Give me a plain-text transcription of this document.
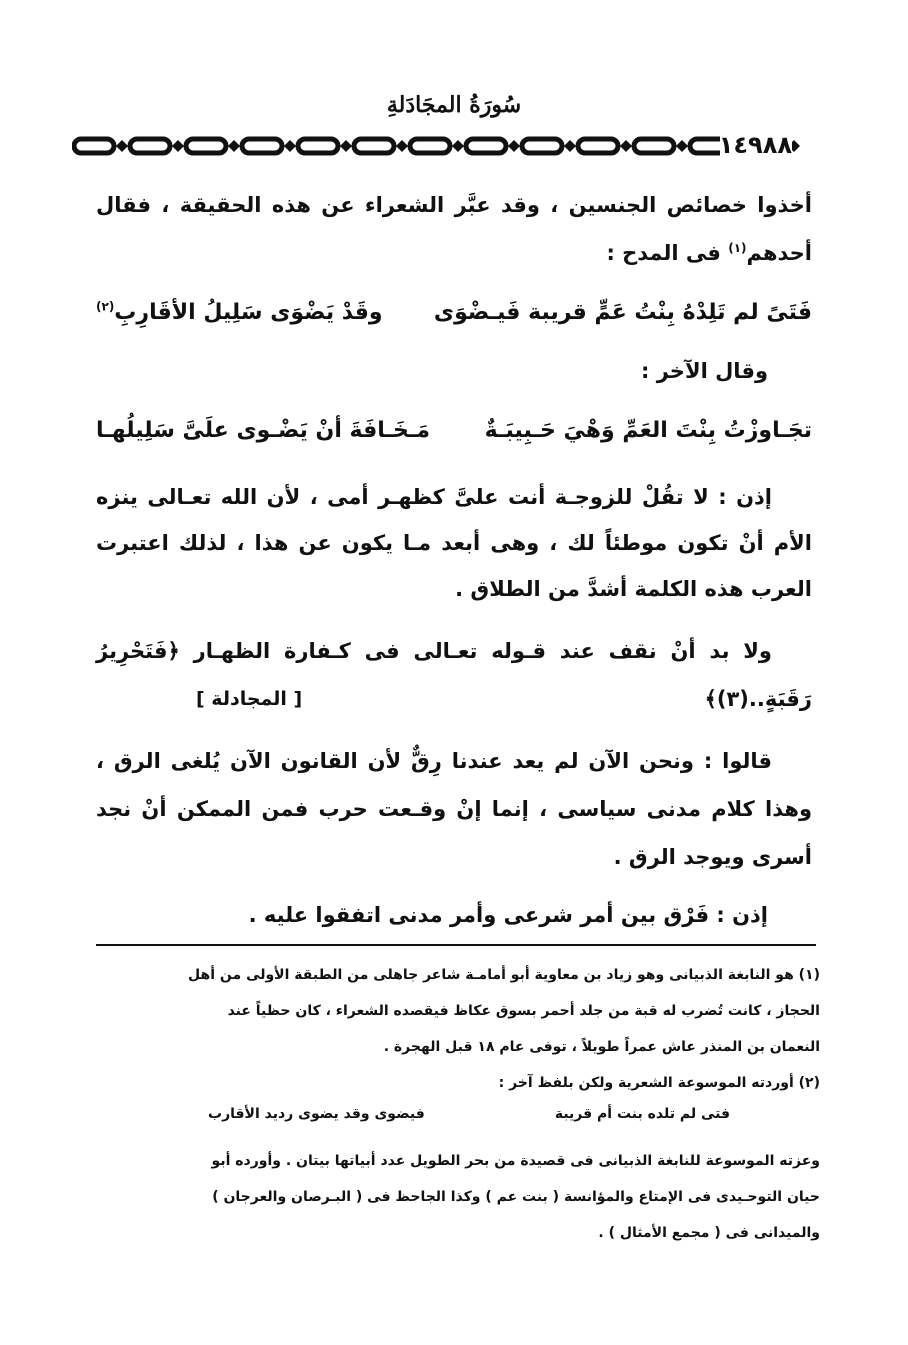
سُورَةُ المجَادَلةِ
١٤٩٨٨
أخذوا خصائص الجنسين ، وقد عبَّر الشعراء عن هذه الحقيقة ، فقال
أحدهم$^{(١)}$ فى المدح :
فَتَىً لم تَلِدْهُ بِنْتُ عَمٍّ قريبة فَيـضْوَى
وقَدْ يَضْوَى سَلِيلُ الأقَارِبِ$^{(٢)}$
وقال الآخر :
تجَـاوزْتُ بِنْتَ العَمِّ وَهْيَ حَـبِيبَـةٌ
مَـخَـافَةَ أنْ يَضْـوى علَىَّ سَلِيلُهـا
إذن : لا تقُلْ للزوجـة أنت علىَّ كظهـر أمى ، لأن الله تعـالى ينزه
الأم أنْ تكون موطئاً لك ، وهى أبعد مـا يكون عن هذا ، لذلك اعتبرت
العرب هذه الكلمة أشدَّ من الطلاق .
ولا بد أنْ نقف عند قـوله تعـالى فى كـفارة الظهـار ﴿فَتَحْرِيرُ
رَقَبَةٍ..(٣)﴾
[ المجادلة ]
قالوا : ونحن الآن لم يعد عندنا رِقٌّ لأن القانون الآن يُلغى الرق ،
وهذا كلام مدنى سياسى ، إنما إنْ وقـعت حرب فمن الممكن أنْ نجد
أسرى ويوجد الرق .
إذن : فَرْق بين أمر شرعى وأمر مدنى اتفقوا عليه .
(١) هو النابغة الذبيانى وهو زياد بن معاوية أبو أمامـة شاعر جاهلى من الطبقة الأولى من أهل
الحجاز ، كانت تُضرب له قبة من جلد أحمر بسوق عكاظ فيقصده الشعراء ، كان حظياً عند
النعمان بن المنذر عاش عمراً طويلاً ، توفى عام ١٨ قبل الهجرة .
(٢) أوردته الموسوعة الشعرية ولكن بلفظ آخر :
فتى لم تلده بنت أم قريبة
فيضوى وقد يضوى رديد الأقارب
وعزته الموسوعة للنابغة الذبيانى فى قصيدة من بحر الطويل عدد أبياتها بيتان . وأورده أبو
حيان التوحـيدى فى الإمتاع والمؤانسة ( بنت عم ) وكذا الجاحظ فى ( البـرصان والعرجان )
والميدانى فى ( مجمع الأمثال ) .
